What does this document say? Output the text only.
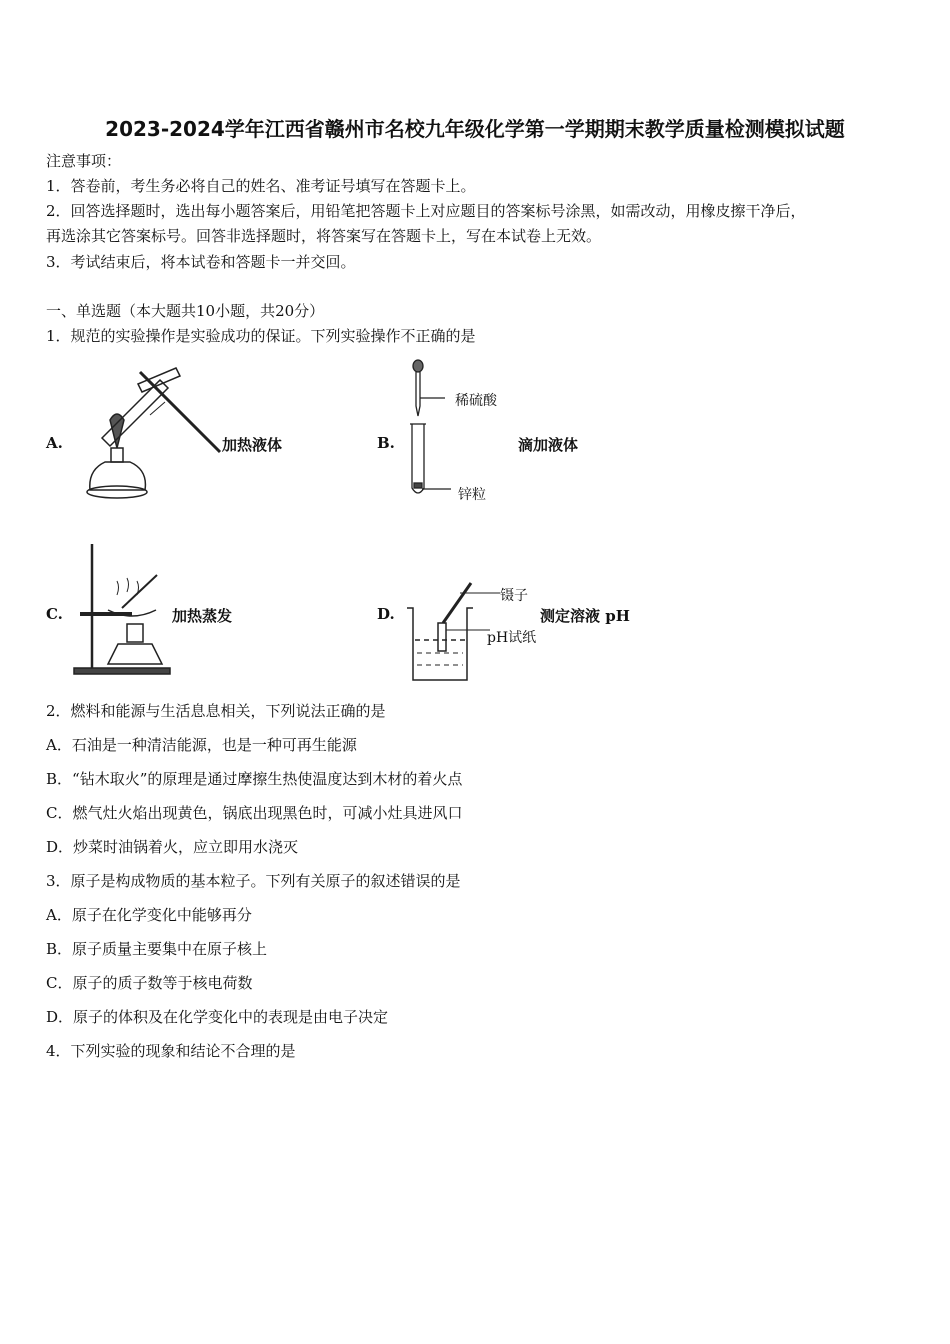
2023-2024学年江西省赣州市名校九年级化学第一学期期末教学质量检测模拟试题
注意事项：
1．答卷前，考生务必将自己的姓名、准考证号填写在答题卡上。
2．回答选择题时，选出每小题答案后，用铅笔把答题卡上对应题目的答案标号涂黑，如需改动，用橡皮擦干净后，
再选涂其它答案标号。回答非选择题时，将答案写在答题卡上，写在本试卷上无效。
3．考试结束后，将本试卷和答题卡一并交回。
一、单选题（本大题共10小题，共20分）
1．规范的实验操作是实验成功的保证。下列实验操作不正确的是
A.	加热液体	B.
稀硫酸
锌粒
滴加液体
C.	加热蒸发	D.
镊子
pH试纸
测定溶液 pH
2．燃料和能源与生活息息相关，下列说法正确的是
A．石油是一种清洁能源，也是一种可再生能源
B．“钻木取火”的原理是通过摩擦生热使温度达到木材的着火点
C．燃气灶火焰出现黄色，锅底出现黑色时，可减小灶具进风口
D．炒菜时油锅着火，应立即用水浇灭
3．原子是构成物质的基本粒子。下列有关原子的叙述错误的是
A．原子在化学变化中能够再分
B．原子质量主要集中在原子核上
C．原子的质子数等于核电荷数
D．原子的体积及在化学变化中的表现是由电子决定
4．下列实验的现象和结论不合理的是
